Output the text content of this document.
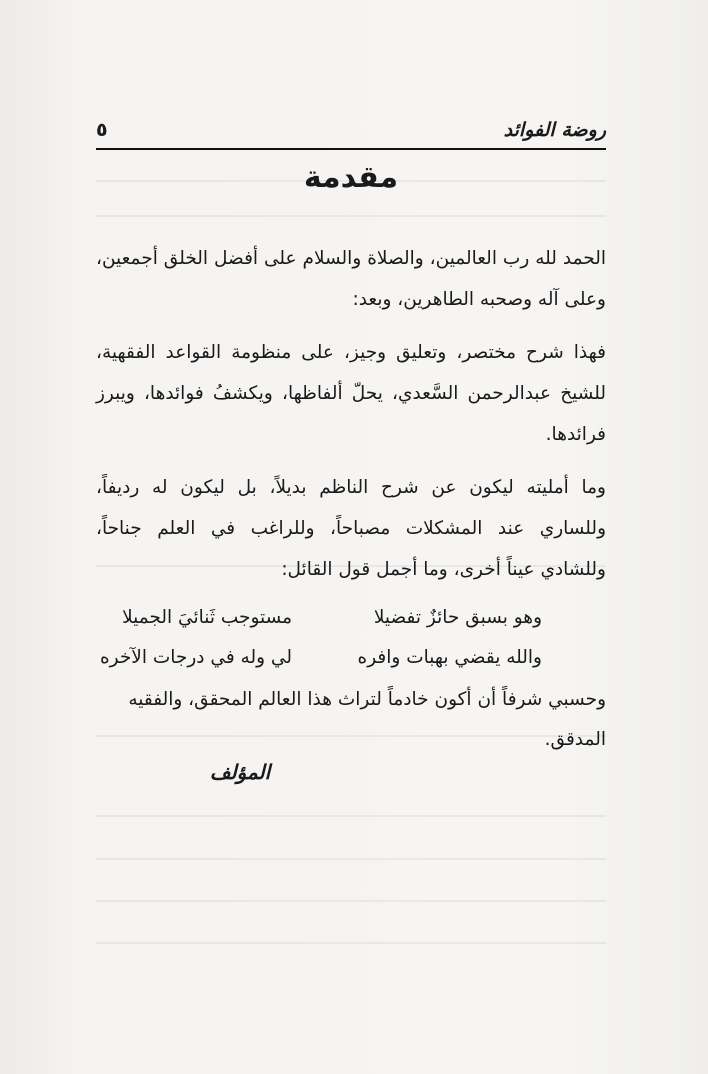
روضة الفوائد
٥
مقدمة
الحمد لله رب العالمين، والصلاة والسلام على أفضل الخلق أجمعين، وعلى آله وصحبه الطاهرين، وبعد:
فهذا شرح مختصر، وتعليق وجيز، على منظومة القواعد الفقهية، للشيخ عبدالرحمن السَّعدي، يحلّ ألفاظها، ويكشفُ فوائدها، ويبرز فرائدها.
وما أمليته ليكون عن شرح الناظم بديلاً، بل ليكون له رديفاً، وللساري عند المشكلات مصباحاً، وللراغب في العلم جناحاً، وللشادي عيناً أخرى، وما أجمل قول القائل:
وهو بسبق حائزٌ تفضيلا
مستوجب ثَنائيَ الجميلا
والله يقضي بهبات وافره
لي وله في درجات الآخره
وحسبي شرفاً أن أكون خادماً لتراث هذا العالم المحقق، والفقيه المدقق.
المؤلف
